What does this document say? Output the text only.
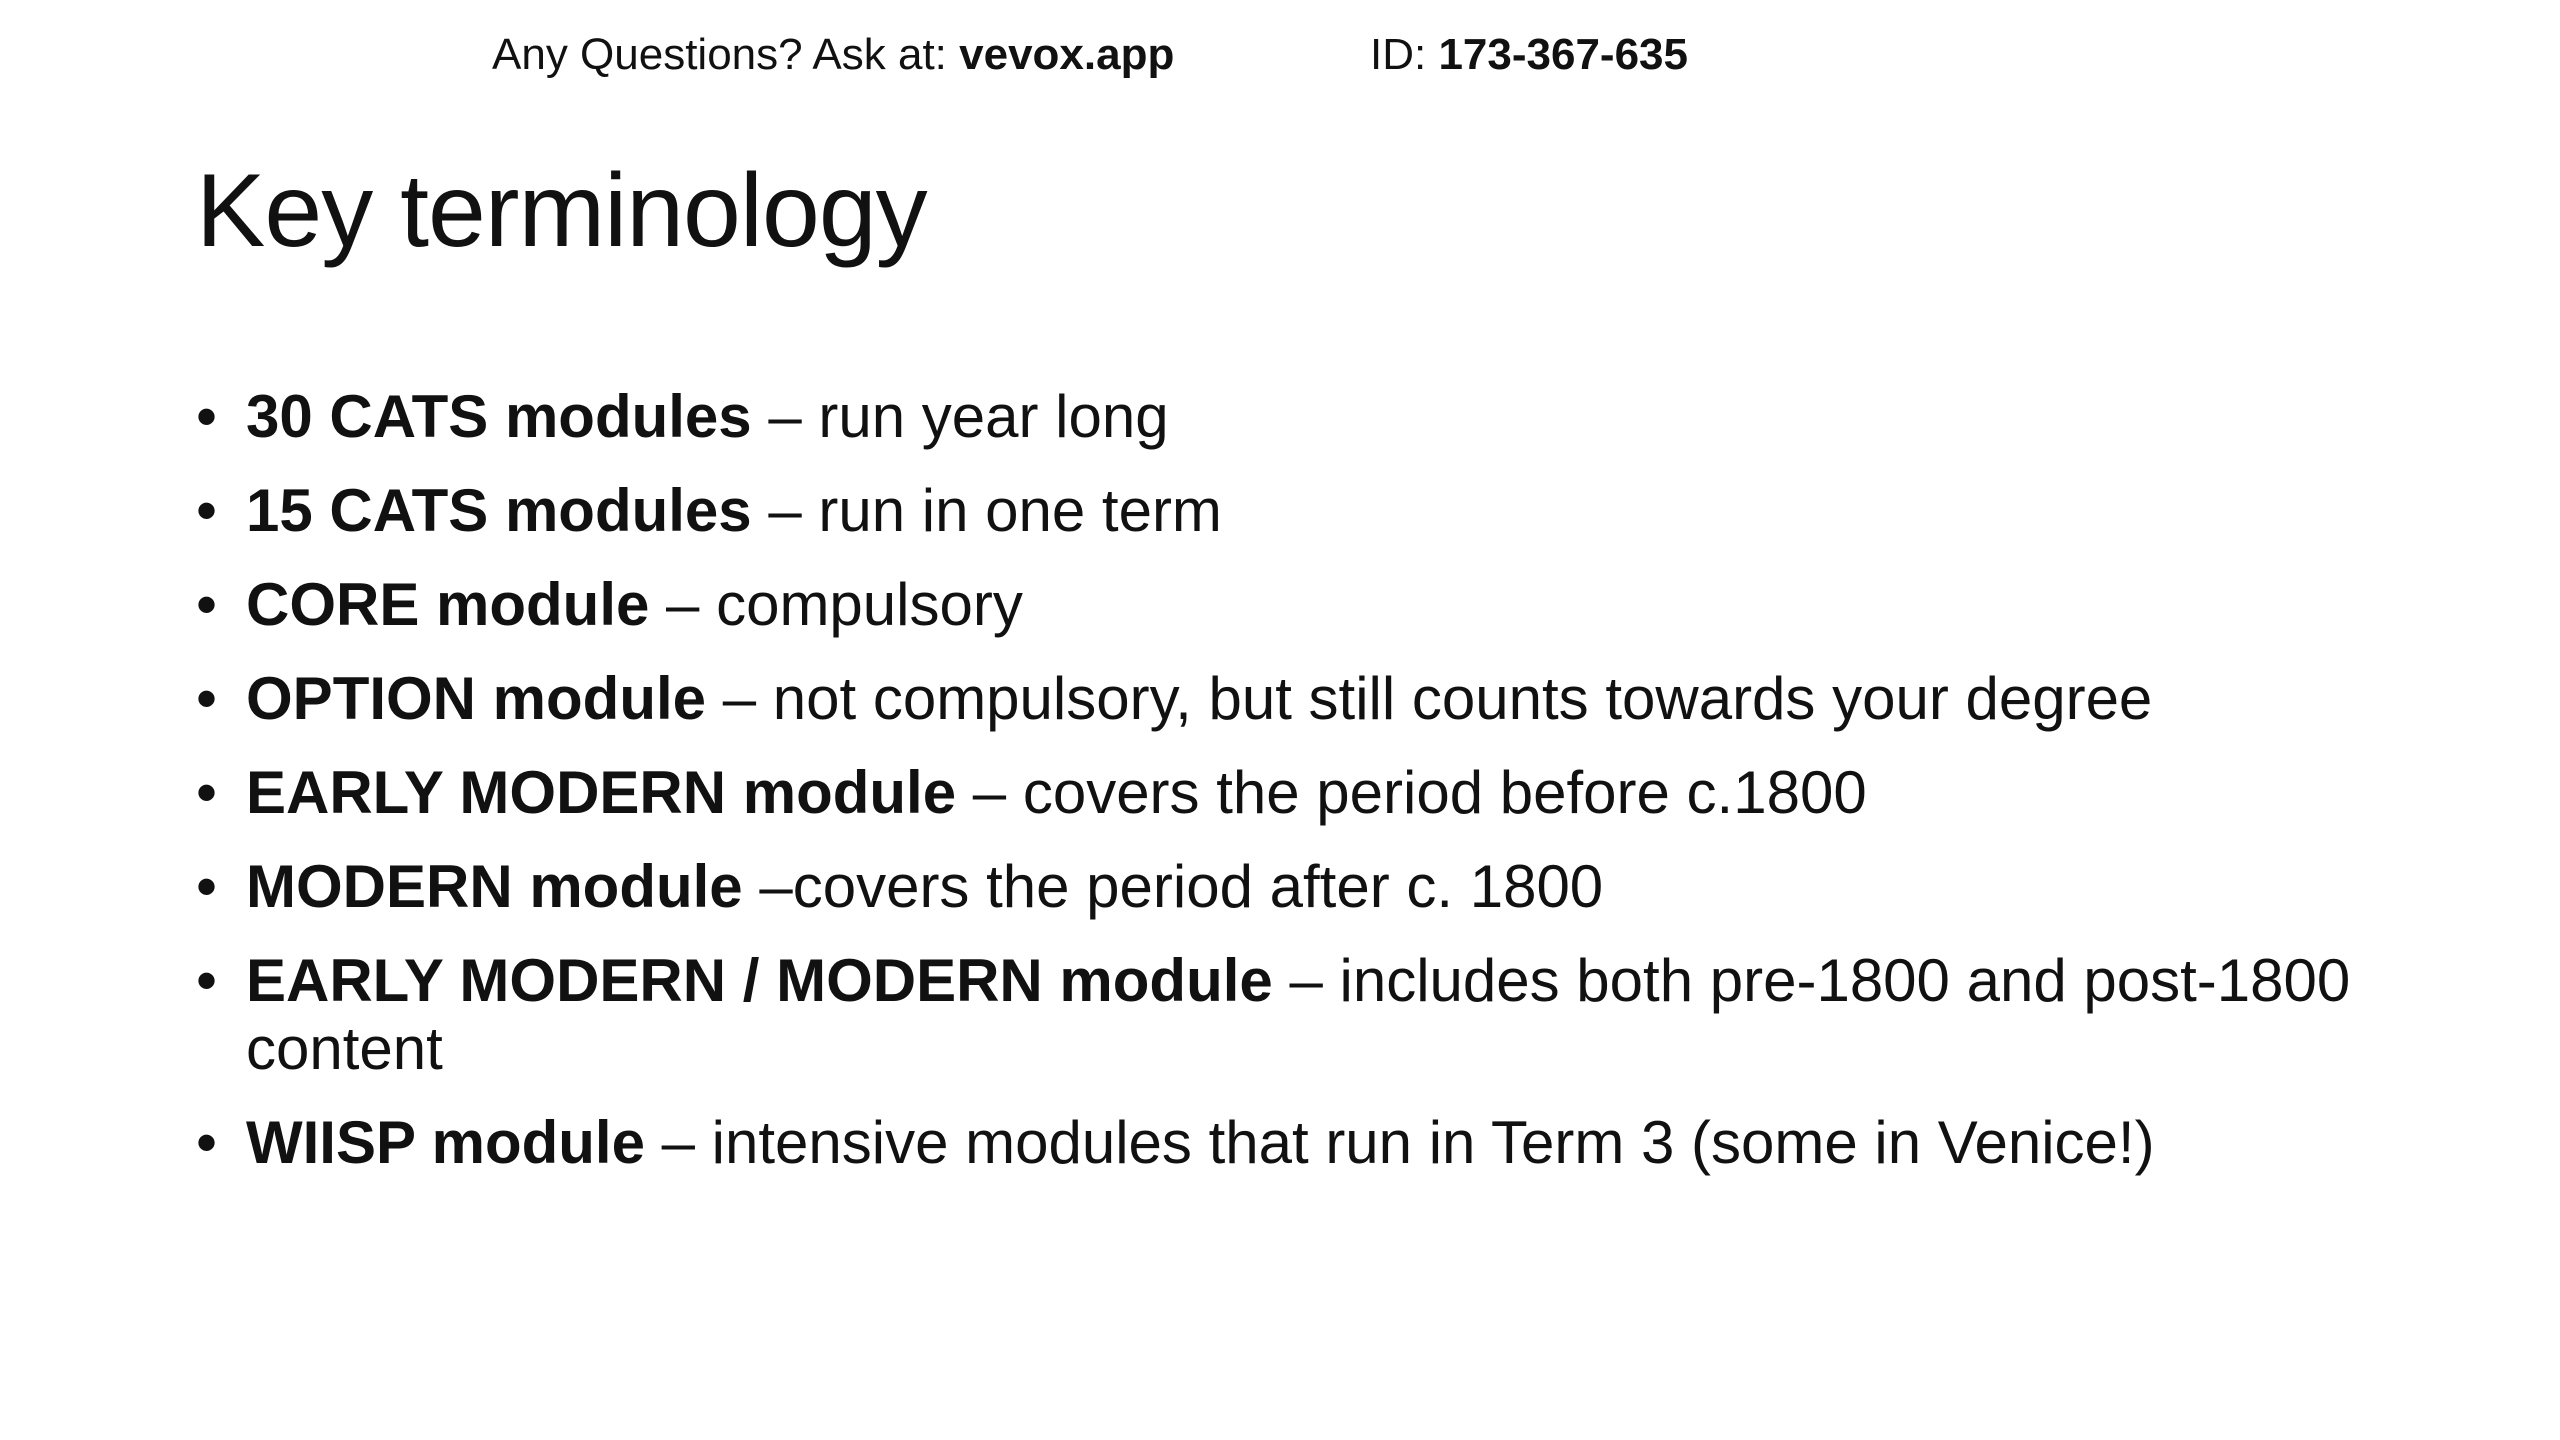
Any Questions? Ask at: vevox.app	ID: 173-367-635
Key terminology
• 30 CATS modules – run year long
• 15 CATS modules – run in one term
• CORE module – compulsory
• OPTION module – not compulsory, but still counts towards your degree
• EARLY MODERN module – covers the period before c.1800
• MODERN module –covers the period after c. 1800
• EARLY MODERN / MODERN module – includes both pre-1800 and post-1800 content
• WIISP module – intensive modules that run in Term 3 (some in Venice!)
